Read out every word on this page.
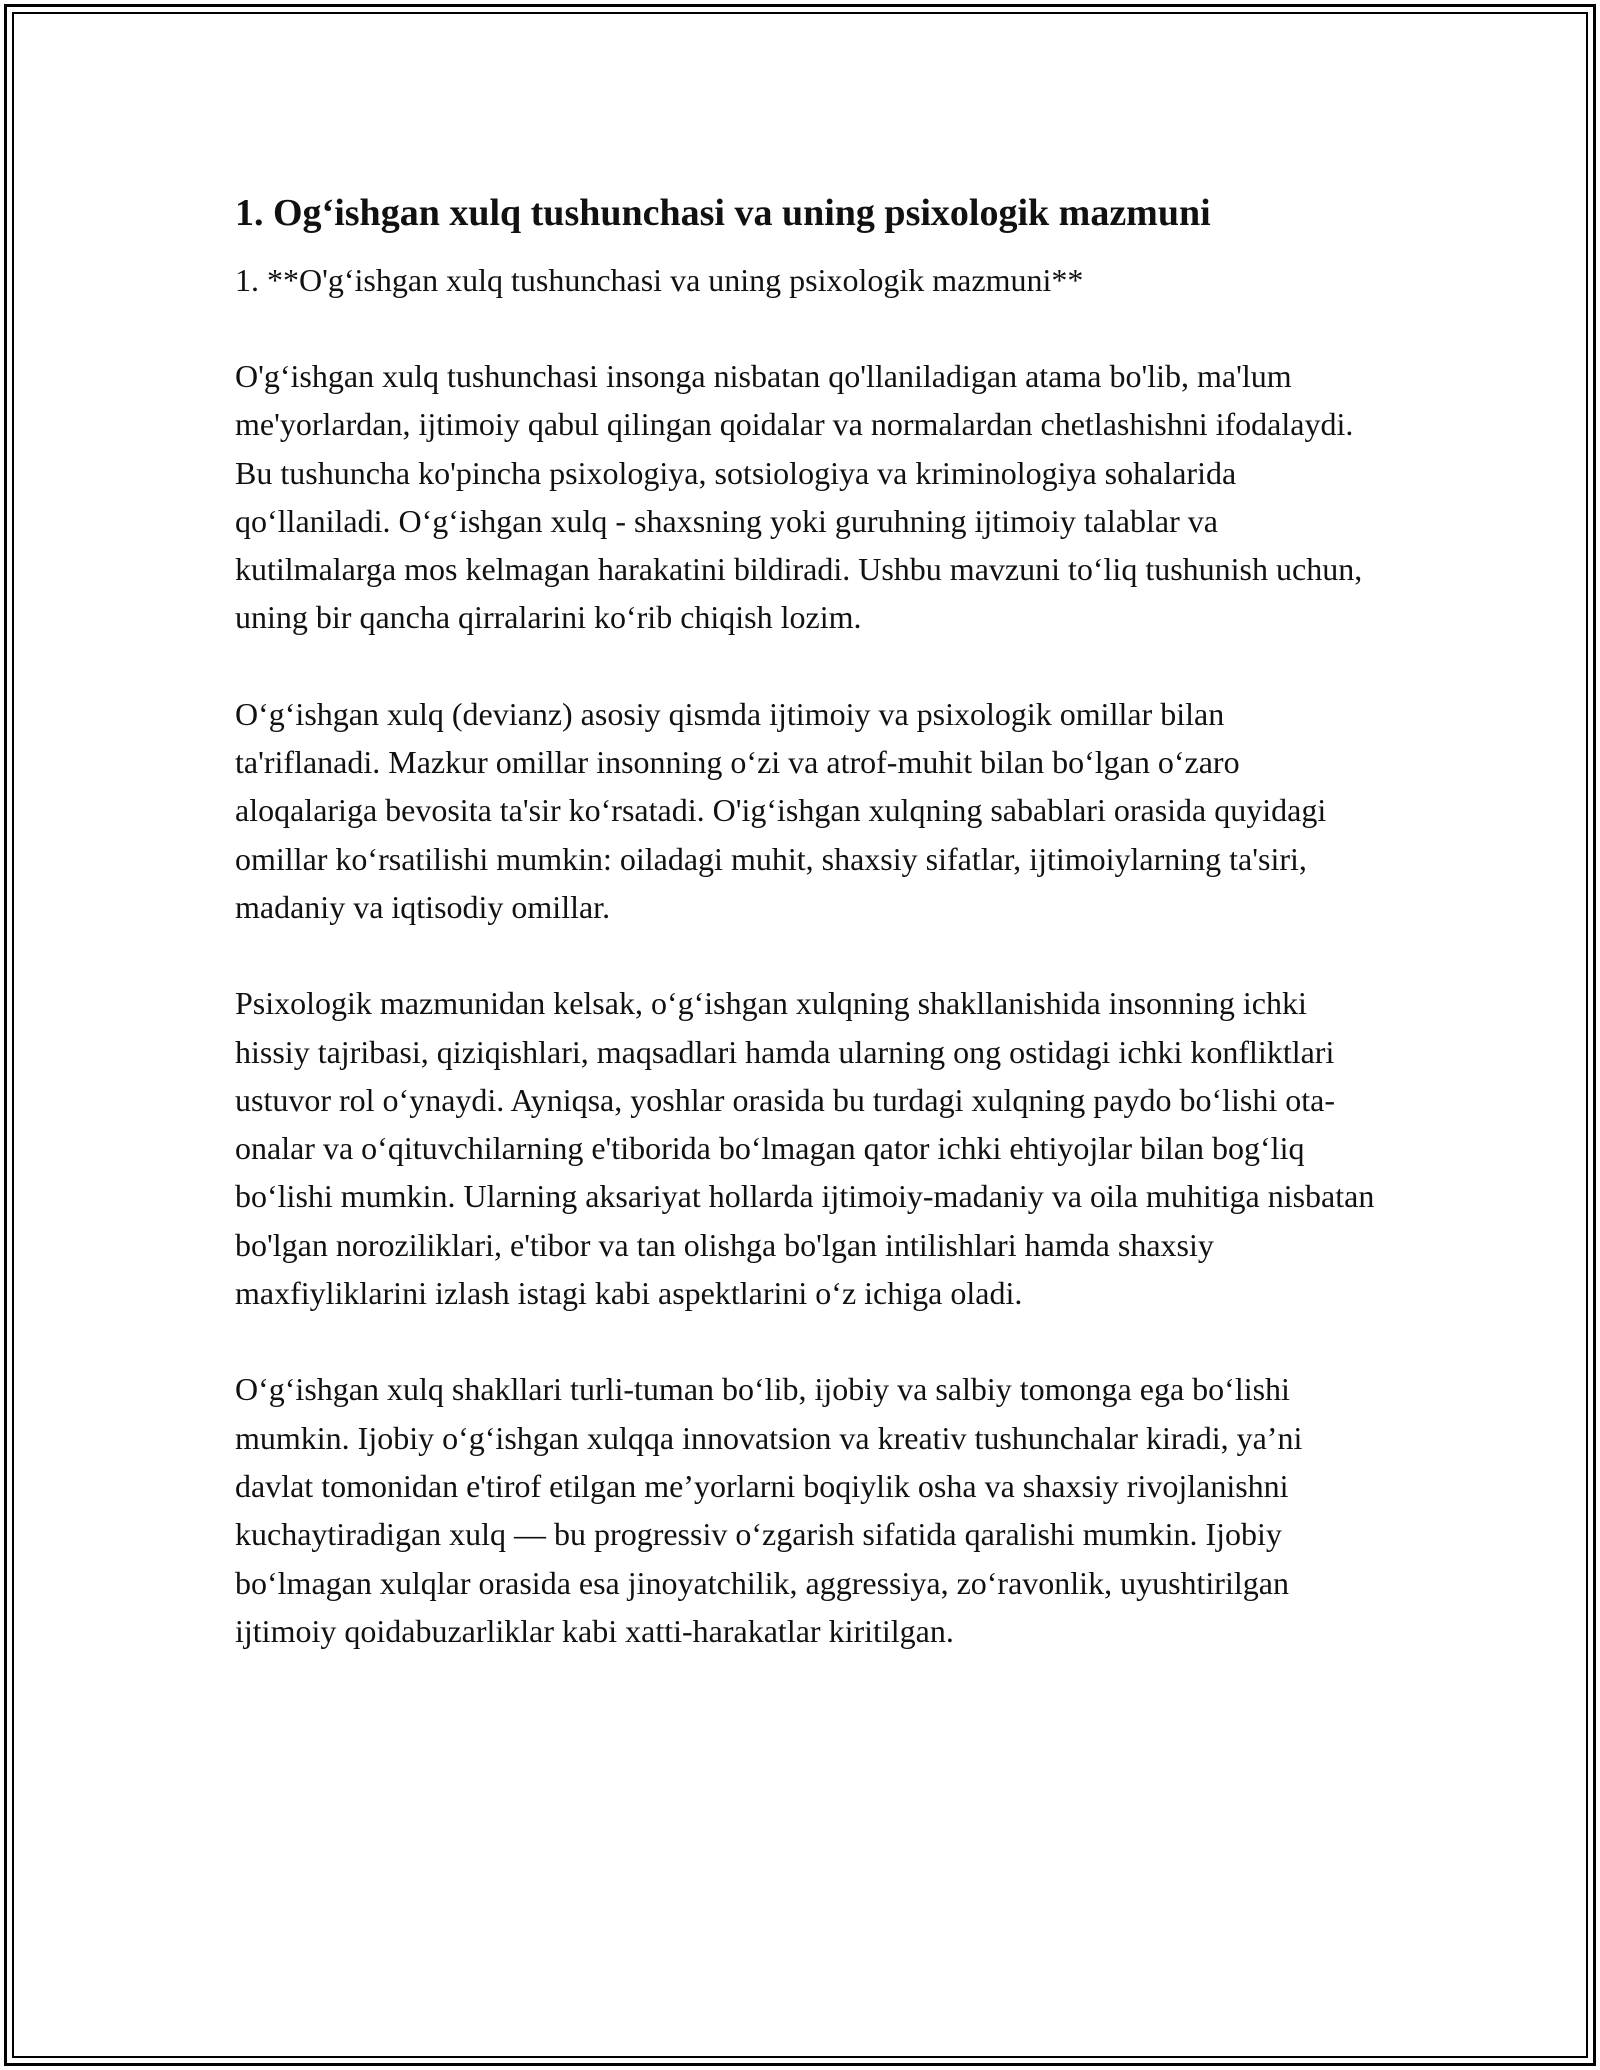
1. Og‘ishgan xulq tushunchasi va uning psixologik mazmuni

1. **O'g‘ishgan xulq tushunchasi va uning psixologik mazmuni**

O'g‘ishgan xulq tushunchasi insonga nisbatan qo'llaniladigan atama bo'lib, ma'lum me'yorlardan, ijtimoiy qabul qilingan qoidalar va normalardan chetlashishni ifodalaydi. Bu tushuncha ko'pincha psixologiya, sotsiologiya va kriminologiya sohalarida qo‘llaniladi. O‘g‘ishgan xulq - shaxsning yoki guruhning ijtimoiy talablar va kutilmalarga mos kelmagan harakatini bildiradi. Ushbu mavzuni to‘liq tushunish uchun, uning bir qancha qirralarini ko‘rib chiqish lozim.

O‘g‘ishgan xulq (devianz) asosiy qismda ijtimoiy va psixologik omillar bilan ta'riflanadi. Mazkur omillar insonning o‘zi va atrof-muhit bilan bo‘lgan o‘zaro aloqalariga bevosita ta'sir ko‘rsatadi. O'ig‘ishgan xulqning sabablari orasida quyidagi omillar ko‘rsatilishi mumkin: oiladagi muhit, shaxsiy sifatlar, ijtimoiylarning ta'siri, madaniy va iqtisodiy omillar.

Psixologik mazmunidan kelsak, o‘g‘ishgan xulqning shakllanishida insonning ichki hissiy tajribasi, qiziqishlari, maqsadlari hamda ularning ong ostidagi ichki konfliktlari ustuvor rol o‘ynaydi. Ayniqsa, yoshlar orasida bu turdagi xulqning paydo bo‘lishi ota-onalar va o‘qituvchilarning e'tiborida bo‘lmagan qator ichki ehtiyojlar bilan bog‘liq bo‘lishi mumkin. Ularning aksariyat hollarda ijtimoiy-madaniy va oila muhitiga nisbatan bo'lgan noroziliklari, e'tibor va tan olishga bo'lgan intilishlari hamda shaxsiy maxfiyliklarini izlash istagi kabi aspektlarini o‘z ichiga oladi.

O‘g‘ishgan xulq shakllari turli-tuman bo‘lib, ijobiy va salbiy tomonga ega bo‘lishi mumkin. Ijobiy o‘g‘ishgan xulqqa innovatsion va kreativ tushunchalar kiradi, ya’ni davlat tomonidan e'tirof etilgan me’yorlarni boqiylik osha va shaxsiy rivojlanishni kuchaytiradigan xulq — bu progressiv o‘zgarish sifatida qaralishi mumkin. Ijobiy bo‘lmagan xulqlar orasida esa jinoyatchilik, aggressiya, zo‘ravonlik, uyushtirilgan ijtimoiy qoidabuzarliklar kabi xatti-harakatlar kiritilgan.
